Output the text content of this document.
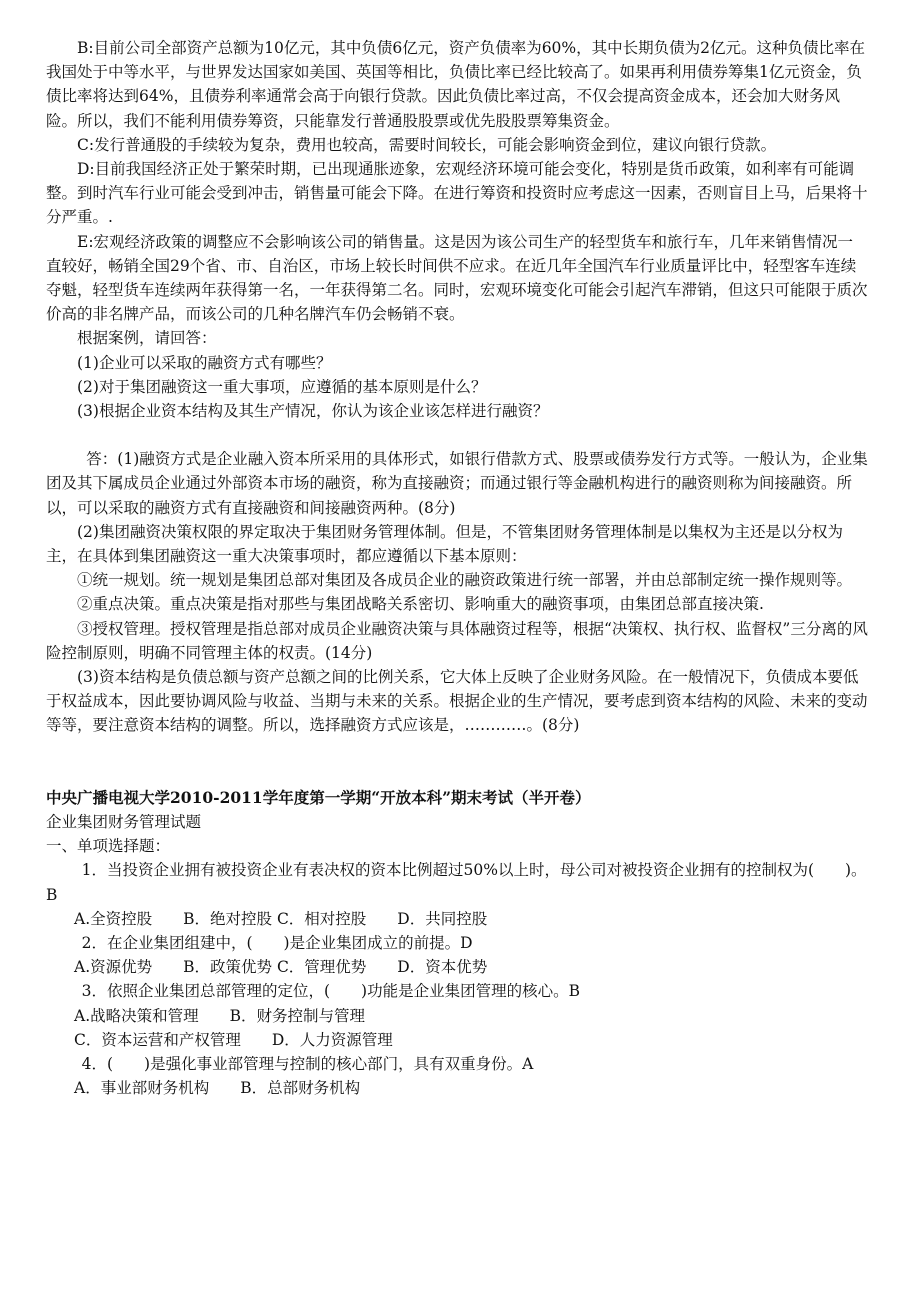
B:目前公司全部资产总额为10亿元，其中负债6亿元，资产负债率为60%，其中长期负债为2亿元。这种负债比率在我国处于中等水平，与世界发达国家如美国、英国等相比，负债比率已经比较高了。如果再利用债券筹集1亿元资金，负债比率将达到64%，且债券利率通常会高于向银行贷款。因此负债比率过高，不仅会提高资金成本，还会加大财务风险。所以，我们不能利用债券筹资，只能靠发行普通股股票或优先股股票筹集资金。

C:发行普通股的手续较为复杂，费用也较高，需要时间较长，可能会影响资金到位，建议向银行贷款。

D:目前我国经济正处于繁荣时期，已出现通胀迹象，宏观经济环境可能会变化，特别是货币政策，如利率有可能调整。到时汽车行业可能会受到冲击，销售量可能会下降。在进行筹资和投资时应考虑这一因素，否则盲目上马，后果将十分严重。.

E:宏观经济政策的调整应不会影响该公司的销售量。这是因为该公司生产的轻型货车和旅行车，几年来销售情况一直较好，畅销全国29个省、市、自治区，市场上较长时间供不应求。在近几年全国汽车行业质量评比中，轻型客车连续夺魁，轻型货车连续两年获得第一名，一年获得第二名。同时，宏观环境变化可能会引起汽车滞销，但这只可能限于质次价高的非名牌产品，而该公司的几种名牌汽车仍会畅销不衰。

根据案例，请回答：

(1)企业可以采取的融资方式有哪些？

(2)对于集团融资这一重大事项，应遵循的基本原则是什么？

(3)根据企业资本结构及其生产情况，你认为该企业该怎样进行融资？

答：(1)融资方式是企业融入资本所采用的具体形式，如银行借款方式、股票或债券发行方式等。一般认为，企业集团及其下属成员企业通过外部资本市场的融资，称为直接融资；而通过银行等金融机构进行的融资则称为间接融资。所以，可以采取的融资方式有直接融资和间接融资两种。(8分)

(2)集团融资决策权限的界定取决于集团财务管理体制。但是，不管集团财务管理体制是以集权为主还是以分权为主，在具体到集团融资这一重大决策事项时，都应遵循以下基本原则：

①统一规划。统一规划是集团总部对集团及各成员企业的融资政策进行统一部署，并由总部制定统一操作规则等。

②重点决策。重点决策是指对那些与集团战略关系密切、影响重大的融资事项，由集团总部直接决策.

③授权管理。授权管理是指总部对成员企业融资决策与具体融资过程等，根据“决策权、执行权、监督权”三分离的风险控制原则，明确不同管理主体的权责。(14分)

(3)资本结构是负债总额与资产总额之间的比例关系，它大体上反映了企业财务风险。在一般情况下，负债成本要低于权益成本，因此要协调风险与收益、当期与未来的关系。根据企业的生产情况，要考虑到资本结构的风险、未来的变动等等，要注意资本结构的调整。所以，选择融资方式应该是，…………。(8分)

中央广播电视大学2010-2011学年度第一学期“开放本科”期末考试（半开卷）

企业集团财务管理试题

一、单项选择题：

1．当投资企业拥有被投资企业有表决权的资本比例超过50%以上时，母公司对被投资企业拥有的控制权为(　　)。B

A.全资控股　　B．绝对控股 C．相对控股　　D．共同控股

2．在企业集团组建中，(　　)是企业集团成立的前提。D

A.资源优势　　B．政策优势 C．管理优势　　D．资本优势

3．依照企业集团总部管理的定位，(　　)功能是企业集团管理的核心。B

A.战略决策和管理　　B．财务控制与管理

C．资本运营和产权管理　　D．人力资源管理

4．(　　)是强化事业部管理与控制的核心部门，具有双重身份。A

A．事业部财务机构　　B．总部财务机构
